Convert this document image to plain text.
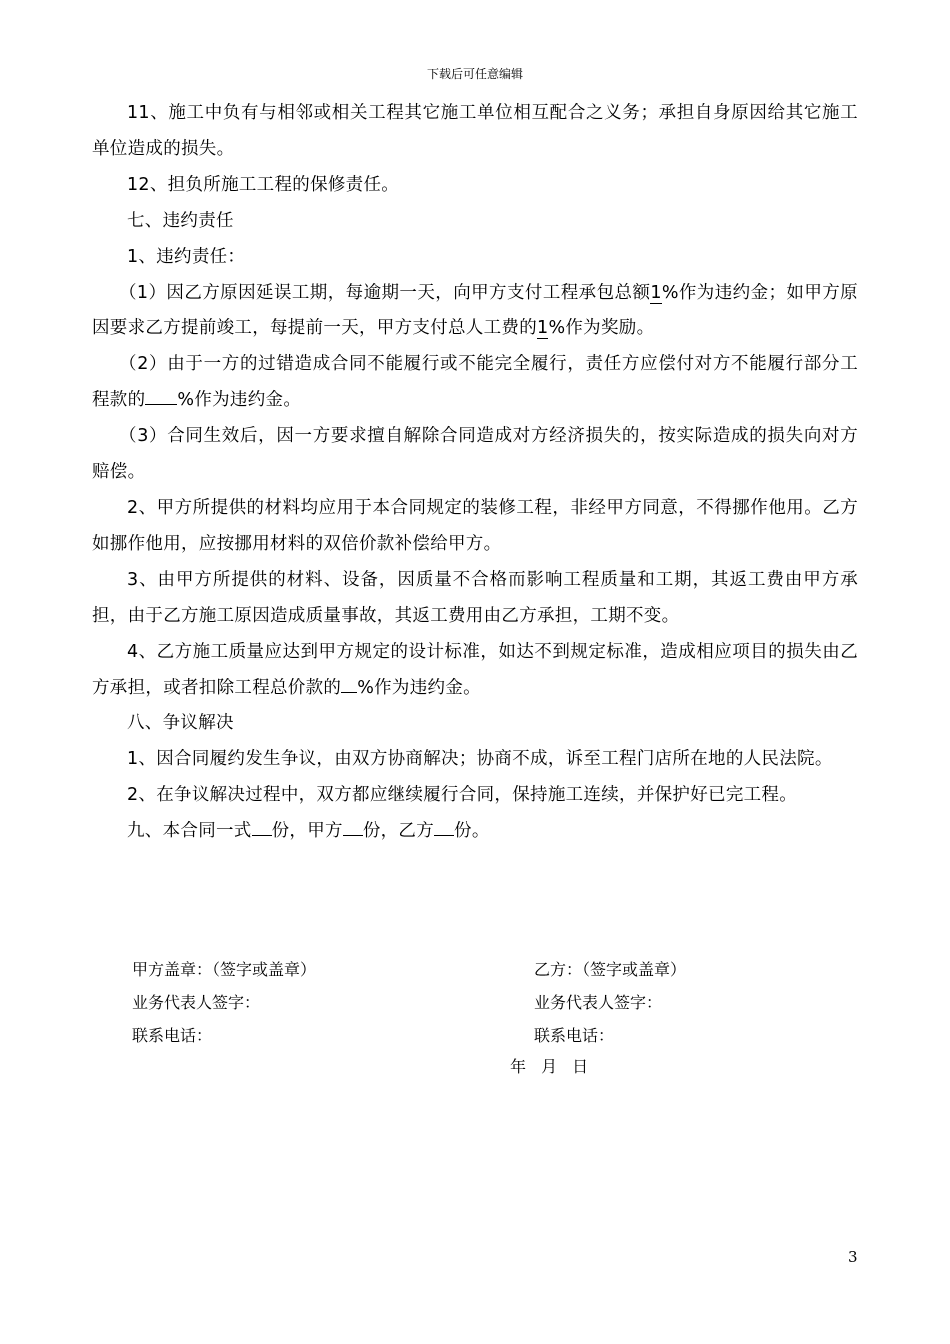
下载后可任意编辑

11、施工中负有与相邻或相关工程其它施工单位相互配合之义务；承担自身原因给其它施工单位造成的损失。

12、担负所施工工程的保修责任。

七、违约责任

1、违约责任：

（1）因乙方原因延误工期，每逾期一天，向甲方支付工程承包总额1%作为违约金；如甲方原因要求乙方提前竣工，每提前一天，甲方支付总人工费的1%作为奖励。

（2）由于一方的过错造成合同不能履行或不能完全履行，责任方应偿付对方不能履行部分工程款的 %作为违约金。

（3）合同生效后，因一方要求擅自解除合同造成对方经济损失的，按实际造成的损失向对方赔偿。

2、甲方所提供的材料均应用于本合同规定的装修工程，非经甲方同意，不得挪作他用。乙方如挪作他用，应按挪用材料的双倍价款补偿给甲方。

3、由甲方所提供的材料、设备，因质量不合格而影响工程质量和工期，其返工费由甲方承担，由于乙方施工原因造成质量事故，其返工费用由乙方承担，工期不变。

4、乙方施工质量应达到甲方规定的设计标准，如达不到规定标准，造成相应项目的损失由乙方承担，或者扣除工程总价款的 %作为违约金。

八、争议解决

1、因合同履约发生争议，由双方协商解决；协商不成，诉至工程门店所在地的人民法院。

2、在争议解决过程中，双方都应继续履行合同，保持施工连续，并保护好已完工程。

九、本合同一式 份，甲方 份，乙方 份。

甲方盖章：（签字或盖章）
业务代表人签字：
联系电话：
乙方：（签字或盖章）
业务代表人签字：
联系电话：
年 月 日
3
